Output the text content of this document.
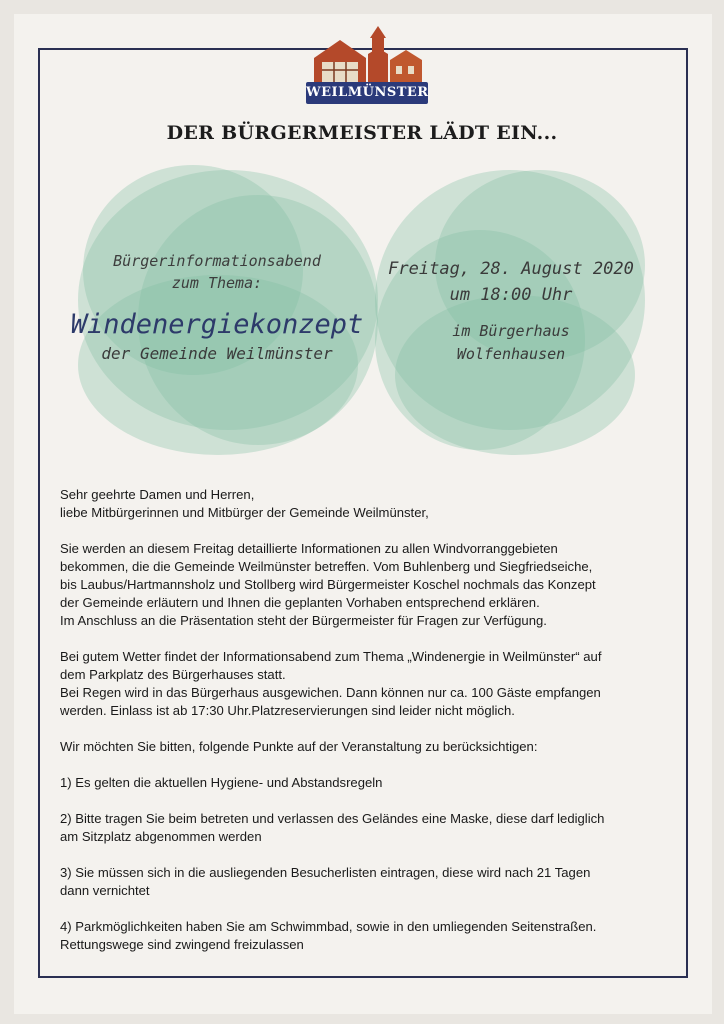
WEILMÜNSTER
DER BÜRGERMEISTER LÄDT EIN...
Bürgerinformationsabend
zum Thema:
Windenergiekonzept
der Gemeinde Weilmünster
Freitag, 28. August 2020
um 18:00 Uhr
im Bürgerhaus
Wolfenhausen

Sehr geehrte Damen und Herren,
liebe Mitbürgerinnen und Mitbürger der Gemeinde Weilmünster,

Sie werden an diesem Freitag detaillierte Informationen zu allen Windvorranggebieten
bekommen, die die Gemeinde Weilmünster betreffen. Vom Buhlenberg und Siegfriedseiche,
bis Laubus/Hartmannsholz und Stollberg wird Bürgermeister Koschel nochmals das Konzept
der Gemeinde erläutern und Ihnen die geplanten Vorhaben entsprechend erklären.
Im Anschluss an die Präsentation steht der Bürgermeister für Fragen zur Verfügung.

Bei gutem Wetter findet der Informationsabend zum Thema „Windenergie in Weilmünster“ auf
dem Parkplatz des Bürgerhauses statt.
Bei Regen wird in das Bürgerhaus ausgewichen. Dann können nur ca. 100 Gäste empfangen
werden. Einlass ist ab 17:30 Uhr.Platzreservierungen sind leider nicht möglich.

Wir möchten Sie bitten, folgende Punkte auf der Veranstaltung zu berücksichtigen:

1) Es gelten die aktuellen Hygiene- und Abstandsregeln

2) Bitte tragen Sie beim betreten und verlassen des Geländes eine Maske, diese darf lediglich
am Sitzplatz abgenommen werden

3) Sie müssen sich in die ausliegenden Besucherlisten eintragen, diese wird nach 21 Tagen
dann vernichtet

4) Parkmöglichkeiten haben Sie am Schwimmbad, sowie in den umliegenden Seitenstraßen.
Rettungswege sind zwingend freizulassen
